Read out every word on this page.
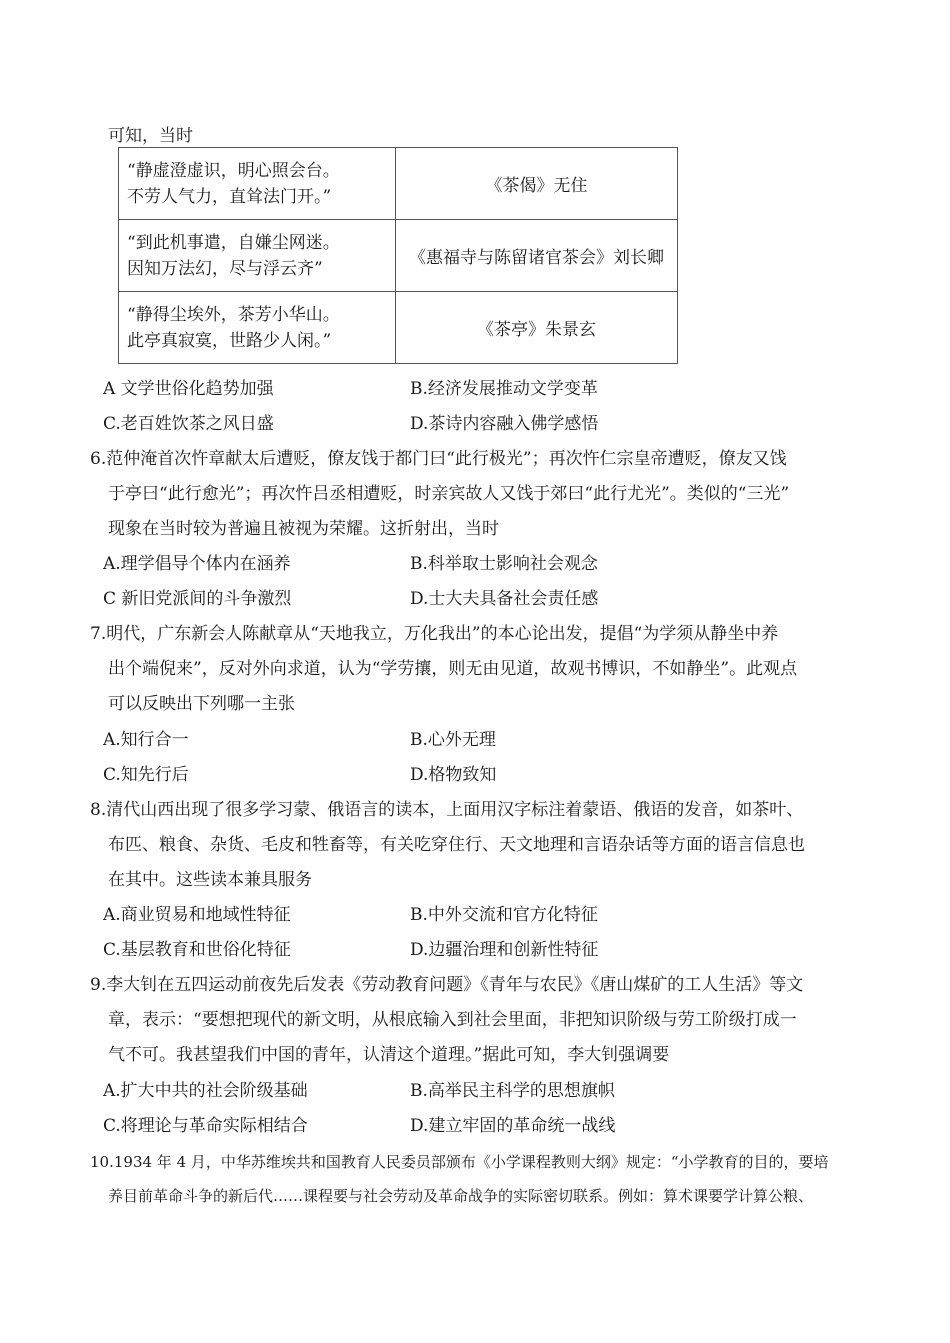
可知，当时
“静虚澄虚识，明心照会台。
不劳人气力，直耸法门开。”	《茶偈》无住

“到此机事遣，自嫌尘网迷。
因知万法幻，尽与浮云齐”	《惠福寺与陈留诸官茶会》刘长卿

“静得尘埃外，茶芳小华山。
此亭真寂寞，世路少人闲。”	《茶亭》朱景玄
A 文学世俗化趋势加强	B.经济发展推动文学变革
C.老百姓饮茶之风日盛	D.茶诗内容融入佛学感悟
6.范仲淹首次忤章献太后遭贬，僚友饯于都门曰“此行极光”；再次忤仁宗皇帝遭贬，僚友又饯
于亭曰“此行愈光”；再次忤吕丞相遭贬，时亲宾故人又饯于郊曰“此行尤光”。类似的“三光”
现象在当时较为普遍且被视为荣耀。这折射出，当时
A.理学倡导个体内在涵养	B.科举取士影响社会观念
C 新旧党派间的斗争激烈	D.士大夫具备社会责任感
7.明代，广东新会人陈献章从“天地我立，万化我出”的本心论出发，提倡“为学须从静坐中养
出个端倪来”，反对外向求道，认为“学劳攘，则无由见道，故观书博识，不如静坐”。此观点
可以反映出下列哪一主张
A.知行合一	B.心外无理
C.知先行后	D.格物致知
8.清代山西出现了很多学习蒙、俄语言的读本，上面用汉字标注着蒙语、俄语的发音，如茶叶、
布匹、粮食、杂货、毛皮和牲畜等，有关吃穿住行、天文地理和言语杂话等方面的语言信息也
在其中。这些读本兼具服务
A.商业贸易和地域性特征	B.中外交流和官方化特征
C.基层教育和世俗化特征	D.边疆治理和创新性特征
9.李大钊在五四运动前夜先后发表《劳动教育问题》《青年与农民》《唐山煤矿的工人生活》等文
章，表示：“要想把现代的新文明，从根底输入到社会里面，非把知识阶级与劳工阶级打成一
气不可。我甚望我们中国的青年，认清这个道理。”据此可知，李大钊强调要
A.扩大中共的社会阶级基础	B.高举民主科学的思想旗帜
C.将理论与革命实际相结合	D.建立牢固的革命统一战线
10.1934 年 4 月，中华苏维埃共和国教育人民委员部颁布《小学课程教则大纲》规定：“小学教育的目的，要培
养目前革命斗争的新后代……课程要与社会劳动及革命战争的实际密切联系。例如：算术课要学计算公粮、
